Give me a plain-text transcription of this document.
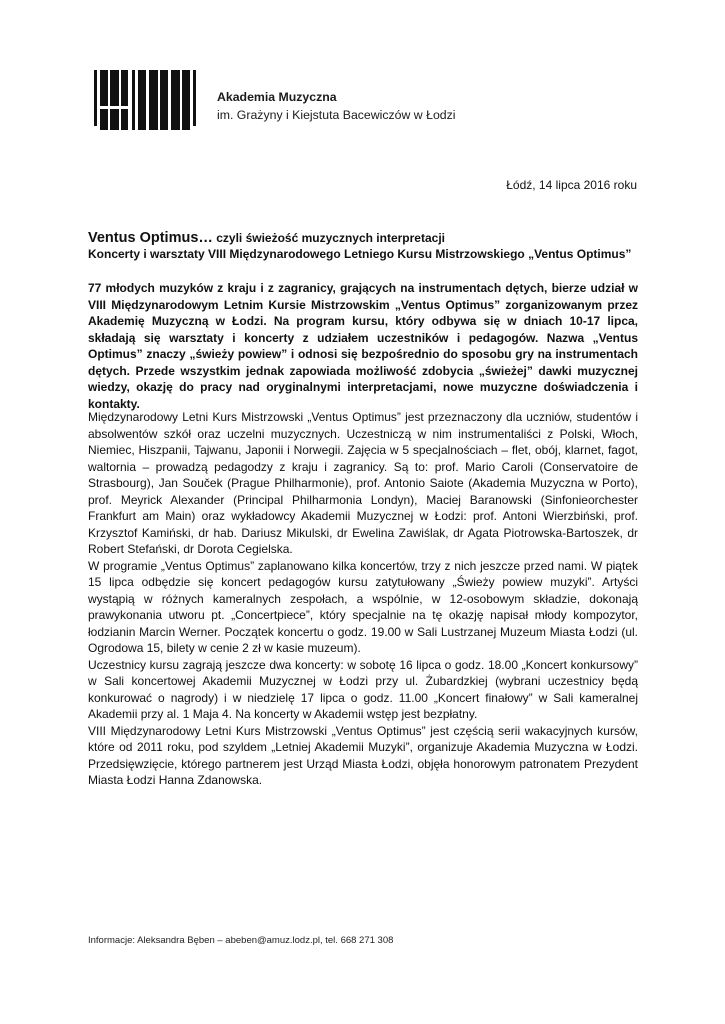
Akademia Muzyczna
im. Grażyny i Kiejstuta Bacewiczów w Łodzi
Łódź, 14 lipca 2016 roku
Ventus Optimus… czyli świeżość muzycznych interpretacji
Koncerty i warsztaty VIII Międzynarodowego Letniego Kursu Mistrzowskiego „Ventus Optimus”

77 młodych muzyków z kraju i z zagranicy, grających na instrumentach dętych, bierze udział w VIII Międzynarodowym Letnim Kursie Mistrzowskim „Ventus Optimus” zorganizowanym przez Akademię Muzyczną w Łodzi. Na program kursu, który odbywa się w dniach 10-17 lipca, składają się warsztaty i koncerty z udziałem uczestników i pedagogów. Nazwa „Ventus Optimus” znaczy „świeży powiew” i odnosi się bezpośrednio do sposobu gry na instrumentach dętych. Przede wszystkim jednak zapowiada możliwość zdobycia „świeżej” dawki muzycznej wiedzy, okazję do pracy nad oryginalnymi interpretacjami, nowe muzyczne doświadczenia i kontakty.

Międzynarodowy Letni Kurs Mistrzowski „Ventus Optimus” jest przeznaczony dla uczniów, studentów i absolwentów szkół oraz uczelni muzycznych. Uczestniczą w nim instrumentaliści z Polski, Włoch, Niemiec, Hiszpanii, Tajwanu, Japonii i Norwegii. Zajęcia w 5 specjalnościach – flet, obój, klarnet, fagot, waltornia – prowadzą pedagodzy z kraju i zagranicy. Są to: prof. Mario Caroli (Conservatoire de Strasbourg), Jan Souček (Prague Philharmonie), prof. Antonio Saiote (Akademia Muzyczna w Porto), prof. Meyrick Alexander (Principal Philharmonia Londyn), Maciej Baranowski (Sinfonieorchester Frankfurt am Main) oraz wykładowcy Akademii Muzycznej w Łodzi: prof. Antoni Wierzbiński, prof. Krzysztof Kamiński, dr hab. Dariusz Mikulski, dr Ewelina Zawiślak, dr Agata Piotrowska-Bartoszek, dr Robert Stefański, dr Dorota Cegielska.

W programie „Ventus Optimus” zaplanowano kilka koncertów, trzy z nich jeszcze przed nami. W piątek 15 lipca odbędzie się koncert pedagogów kursu zatytułowany „Świeży powiew muzyki”. Artyści wystąpią w różnych kameralnych zespołach, a wspólnie, w 12-osobowym składzie, dokonają prawykonania utworu pt. „Concertpiece”, który specjalnie na tę okazję napisał młody kompozytor, łodzianin Marcin Werner. Początek koncertu o godz. 19.00 w Sali Lustrzanej Muzeum Miasta Łodzi (ul. Ogrodowa 15, bilety w cenie 2 zł w kasie muzeum).

Uczestnicy kursu zagrają jeszcze dwa koncerty: w sobotę 16 lipca o godz. 18.00 „Koncert konkursowy” w Sali koncertowej Akademii Muzycznej w Łodzi przy ul. Żubardzkiej (wybrani uczestnicy będą konkurować o nagrody) i w niedzielę 17 lipca o godz. 11.00 „Koncert finałowy” w Sali kameralnej Akademii przy al. 1 Maja 4. Na koncerty w Akademii wstęp jest bezpłatny.

VIII Międzynarodowy Letni Kurs Mistrzowski „Ventus Optimus” jest częścią serii wakacyjnych kursów, które od 2011 roku, pod szyldem „Letniej Akademii Muzyki”, organizuje Akademia Muzyczna w Łodzi. Przedsięwzięcie, którego partnerem jest Urząd Miasta Łodzi, objęła honorowym patronatem Prezydent Miasta Łodzi Hanna Zdanowska.

Informacje: Aleksandra Bęben – abeben@amuz.lodz.pl, tel. 668 271 308
